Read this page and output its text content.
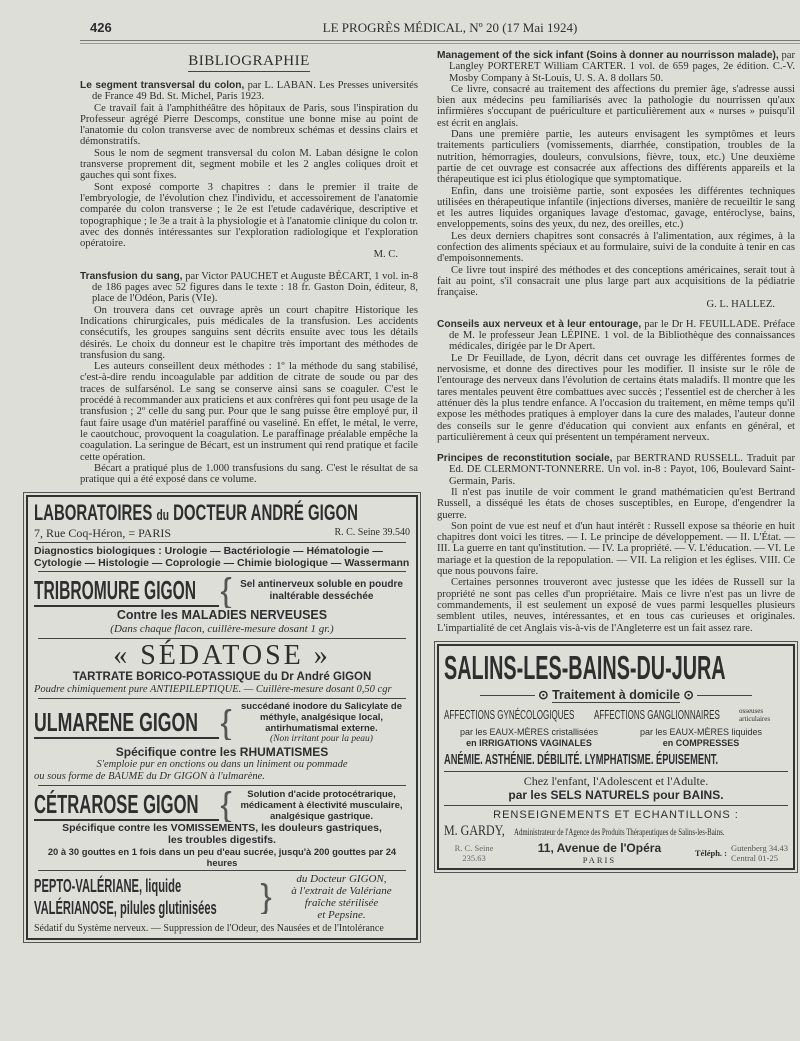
426	LE PROGRÈS MÉDICAL, Nº 20 (17 Mai 1924)
BIBLIOGRAPHIE

Le segment transversal du colon, par L. LABAN. Les Presses universités de France 49 Bd. St. Michel, Paris 1923.

Ce travail fait à l'amphithéâtre des hôpitaux de Paris, sous l'inspiration du Professeur agrégé Pierre Descomps, constitue une bonne mise au point de l'anatomie du colon transverse avec de nombreux schémas et dessins clairs et démonstratifs.

Sous le nom de segment transversal du colon M. Laban désigne le colon transverse proprement dit, segment mobile et les 2 angles coliques droit et gauches qui sont fixes.

Sont exposé comporte 3 chapitres : dans le premier il traite de l'embryologie, de l'évolution chez l'individu, et accessoirement de l'anatomie comparée du colon transverse ; le 2e est l'etude cadavérique, descriptive et topographique ; le 3e a trait à la physiologie et à l'anatomie clinique du colon tr. avec des donnés intéressantes sur l'exploration radiologique et l'exploration opératoire.

M. C.

Transfusion du sang, par Victor PAUCHET et Auguste BÉCART, 1 vol. in-8 de 186 pages avec 52 figures dans le texte : 18 fr. Gaston Doin, éditeur, 8, place de l'Odéon, Paris (VIe).

On trouvera dans cet ouvrage après un court chapitre Historique les Indications chirurgicales, puis médicales de la transfusion. Les accidents consécutifs, les groupes sanguins sent décrits ensuite avec tous les détails désirés. Le choix du donneur est le chapitre très important des méthodes de transfusion du sang.

Les auteurs conseillent deux méthodes : 1º la méthode du sang stabilisé, c'est-à-dire rendu incoagulable par addition de citrate de soude ou par des traces de sulfarsénol. Le sang se conserve ainsi sans se coaguler. C'est le procédé à recommander aux praticiens et aux confrères qui font peu usage de la transfusion ; 2º celle du sang pur. Pour que le sang puisse être employé pur, il faut faire usage d'un matériel paraffiné ou vaseliné. En effet, le métal, le verre, le caoutchouc, provoquent la coagulation. Le paraffinage préalable empêche la coagulation. La seringue de Bécart, est un instrument qui rend pratique et facile cette opération.

Bécart a pratiqué plus de 1.000 transfusions du sang. C'est le résultat de sa pratique qui a été exposé dans ce volume.

LABORATOIRES du DOCTEUR ANDRÉ GIGON
7, Rue Coq-Héron, = PARIS	R. C. Seine 39.540
Diagnostics biologiques : Urologie — Bactériologie — Hématologie —
Cytologie — Histologie — Coprologie — Chimie biologique — Wassermann
TRIBROMURE GIGON { Sel antinerveux soluble en poudre
inaltérable desséchée
Contre les MALADIES NERVEUSES
(Dans chaque flacon, cuillère-mesure dosant 1 gr.)
« SÉDATOSE »
TARTRATE BORICO-POTASSIQUE du Dr André GIGON
Poudre chimiquement pure ANTIEPILEPTIQUE. — Cuillère-mesure dosant 0,50 cgr
ULMARENE GIGON { succédané inodore du Salicylate de
méthyle, analgésique local,
antirhumatismal externe.
(Non irritant pour la peau)
Spécifique contre les RHUMATISMES
S'emploie pur en onctions ou dans un liniment ou pommade
ou sous forme de BAUME du Dr GIGON à l'ulmarène.
CÉTRAROSE GIGON {	Solution d'acide protocétrarique,
médicament à électivité musculaire,
analgésique gastrique.
Spécifique contre les VOMISSEMENTS, les douleurs gastriques,
les troubles digestifs.
20 à 30 gouttes en 1 fois dans un peu d'eau sucrée, jusqu'à 200 gouttes par 24 heures
PEPTO-VALÉRIANE, liquide
VALÉRIANOSE, pilules glutinisées	}	du Docteur GIGON,
à l'extrait de Valériane
fraîche stérilisée
et Pepsine.
Sédatif du Système nerveux. — Suppression de l'Odeur, des Nausées et de l'Intolérance

Management of the sick infant (Soins à donner au nourrisson malade), par Langley PORTERET William CARTER. 1 vol. de 659 pages, 2e édition. C.-V. Mosby Company à St-Louis, U. S. A. 8 dollars 50.

Ce livre, consacré au traitement des affections du premier âge, s'adresse aussi bien aux médecins peu familiarisés avec la pathologie du nourrissen qu'aux infirmières s'occupant de puériculture et particulièrement aux « nurses » puisqu'il est écrit en anglais.

Dans une première partie, les auteurs envisagent les symptômes et leurs traitements particuliers (vomissements, diarrhée, constipation, troubles de la nutrition, hémorragies, douleurs, convulsions, fièvre, toux, etc.) Une deuxième partie de cet ouvrage est consacrée aux affections des différents appareils et la thérapeutique est ici plus étiologique que symptomatique.

Enfin, dans une troisième partie, sont exposées les différentes techniques utilisées en thérapeutique infantile (injections diverses, manière de recueiltir le sang et les autres liquides organiques lavage d'estomac, gavage, entéroclyse, bains, enveloppements, soins des yeux, du nez, des oreilles, etc.)

Les deux derniers chapitres sont consacrés à l'alimentation, aux régimes, à la confection des aliments spéciaux et au formulaire, suivi de la conduite à tenir en cas d'empoisonnements.

Ce livre tout inspiré des méthodes et des conceptions américaines, serait tout à fait au point, s'il consacrait une plus large part aux acquisitions de la pédiatrie française.

G. L. HALLEZ.

Conseils aux nerveux et à leur entourage, par le Dr H. FEUILLADE. Préface de M. le professeur Jean LÉPINE. 1 vol. de la Bibliothèque des connaissances médicales, dirigée par le Dr Apert.

Le Dr Feuillade, de Lyon, décrit dans cet ouvrage les différentes formes de nervosisme, et donne des directives pour les modifier. Il insiste sur le rôle de l'entourage des nerveux dans l'évolution de certains états maladifs. Il montre que les tares mentales peuvent être combattues avec succès ; l'essentiel est de chercher à les atténuer dès la plus tendre enfance. A l'occasion du traitement, en même temps qu'il expose les méthodes pratiques à employer dans la cure des malades, l'auteur donne des conseils sur le genre d'éducation qui convient aux enfants en général, et particulièrement à ceux qui présentent un tempérament nerveux.

Principes de reconstitution sociale, par BERTRAND RUSSELL. Traduit par Ed. DE CLERMONT-TONNERRE. Un vol. in-8 : Payot, 106, Boulevard Saint-Germain, Paris.

Il n'est pas inutile de voir comment le grand mathématicien qu'est Bertrand Russell, a disséqué les états de choses susceptibles, en Europe, d'engendrer la guerre.

Son point de vue est neuf et d'un haut intérêt : Russell expose sa théorie en huit chapitres dont voici les titres. — I. Le principe de développement. — II. L'État. — III. La guerre en tant qu'institution. — IV. La propriété. — V. L'éducation. — VI. Le mariage et la question de la repopulation. — VII. La religion et les églises. VIII. Ce que nous pouvons faire.

Certaines personnes trouveront avec justesse que les idées de Russell sur la propriété ne sont pas celles d'un propriétaire. Mais ce livre n'est pas un livre de commandements, il est seulement un exposé de vues parmi lesquelles plusieurs semblent utiles, neuves, intéressantes, et en tous cas curieuses et originales. L'impartialité de cet Anglais vis-à-vis de l'Angleterre est un fait assez rare.

SALINS-LES-BAINS-DU-JURA
⊙ Traitement à domicile ⊙
AFFECTIONS GYNÉCOLOGIQUES	AFFECTIONS GANGLIONNAIRES	osseuses
articulaires
par les EAUX-MÈRES cristallisées
en IRRIGATIONS VAGINALES
par les EAUX-MÈRES liquides
en COMPRESSES
ANÉMIE. ASTHÉNIE. DÉBILITÉ. LYMPHATISME. ÉPUISEMENT.
Chez l'enfant, l'Adolescent et l'Adulte.
par les SELS NATURELS pour BAINS.
RENSEIGNEMENTS ET ECHANTILLONS :
M. GARDY,	Administrateur de l'Agence des Produits Thérapeutiques de Salins-les-Bains.
R. C. Seine
235.63
11, Avenue de l'Opéra
PARIS
Téléph. : Gutenberg 34.43
Central 01-25
